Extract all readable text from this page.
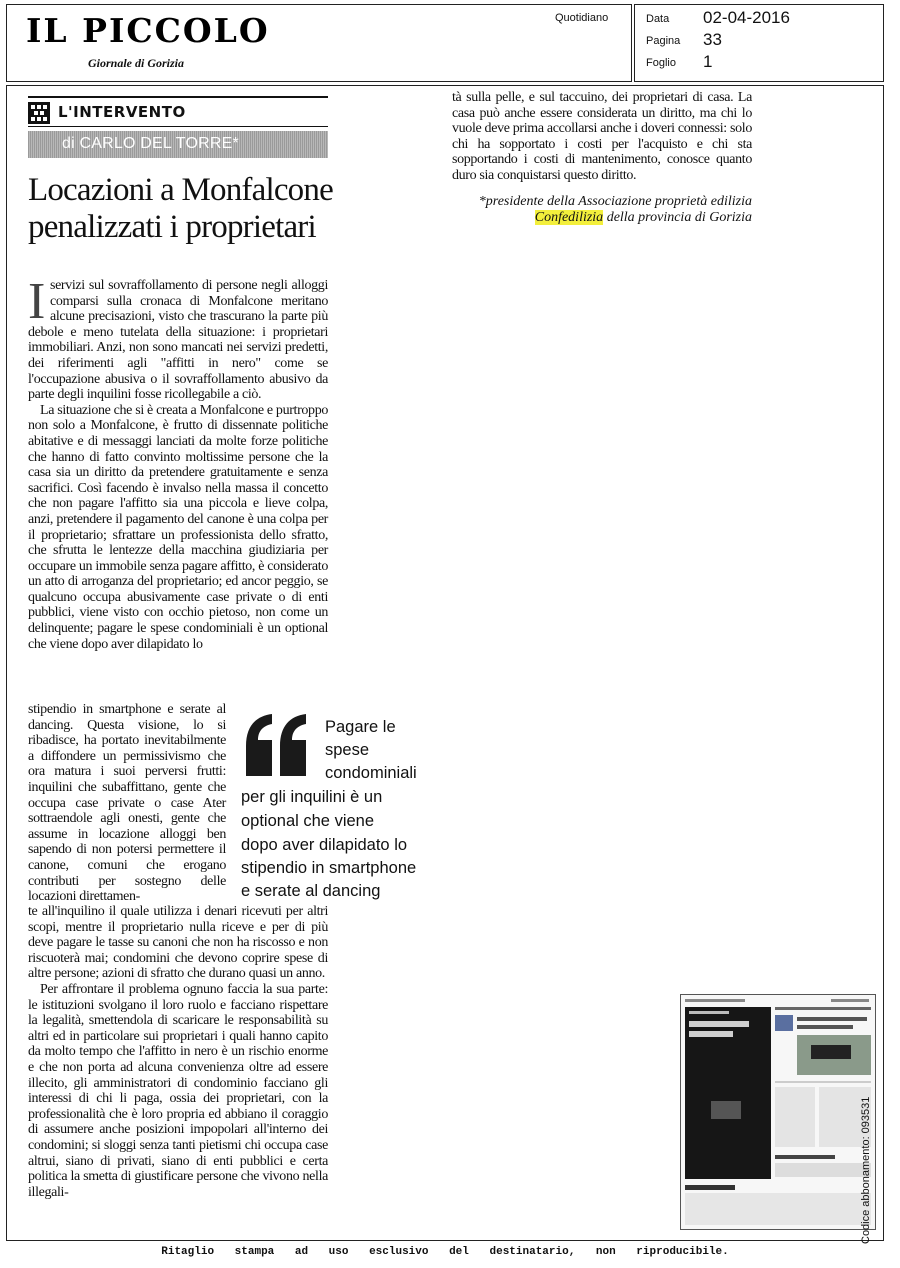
IL PICCOLO
Giornale di Gorizia
Quotidiano	Data 02-04-2016
Pagina 33
Foglio 1
L'INTERVENTO
di CARLO DEL TORRE*
Locazioni a Monfalcone
penalizzati i proprietari

Iservizi sul sovraffollamento di persone negli alloggi comparsi sulla cronaca di Monfalcone meritano alcune precisazioni, visto che trascurano la parte più debole e meno tutelata della situazione: i proprietari immobiliari. Anzi, non sono mancati nei servizi predetti, dei riferimenti agli "affitti in nero" come se l'occupazione abusiva o il sovraffollamento abusivo da parte degli inquilini fosse ricollegabile a ciò.

La situazione che si è creata a Monfalcone e purtroppo non solo a Monfalcone, è frutto di dissennate politiche abitative e di messaggi lanciati da molte forze politiche che hanno di fatto convinto moltissime persone che la casa sia un diritto da pretendere gratuitamente e senza sacrifici. Così facendo è invalso nella massa il concetto che non pagare l'affitto sia una piccola e lieve colpa, anzi, pretendere il pagamento del canone è una colpa per il proprietario; sfrattare un professionista dello sfratto, che sfrutta le lentezze della macchina giudiziaria per occupare un immobile senza pagare affitto, è considerato un atto di arroganza del proprietario; ed ancor peggio, se qualcuno occupa abusivamente case private o di enti pubblici, viene visto con occhio pietoso, non come un delinquente; pagare le spese condominiali è un optional che viene dopo aver dilapidato lo

stipendio in smartphone e serate al dancing. Questa visione, lo si ribadisce, ha portato inevitabilmente a diffondere un permissivismo che ora matura i suoi perversi frutti: inquilini che subaffittano, gente che occupa case private o case Ater sottraendole agli onesti, gente che assume in locazione alloggi ben sapendo di non potersi permettere il canone, comuni che erogano contributi per sostegno delle locazioni direttamen-

Pagare le
spese
condominiali
per gli inquilini è un
optional che viene
dopo aver dilapidato lo
stipendio in smartphone
e serate al dancing

te all'inquilino il quale utilizza i denari ricevuti per altri scopi, mentre il proprietario nulla riceve e per di più deve pagare le tasse su canoni che non ha riscosso e non riscuoterà mai; condomini che devono coprire spese di altre persone; azioni di sfratto che durano quasi un anno.

Per affrontare il problema ognuno faccia la sua parte: le istituzioni svolgano il loro ruolo e facciano rispettare la legalità, smettendola di scaricare le responsabilità su altri ed in particolare sui proprietari i quali hanno capito da molto tempo che l'affitto in nero è un rischio enorme e che non porta ad alcuna convenienza oltre ad essere illecito, gli amministratori di condominio facciano gli interessi di chi li paga, ossia dei proprietari, con la professionalità che è loro propria ed abbiano il coraggio di assumere anche posizioni impopolari all'interno dei condomini; si sloggi senza tanti pietismi chi occupa case altrui, siano di privati, siano di enti pubblici e certa politica la smetta di giustificare persone che vivono nella illegali-

tà sulla pelle, e sul taccuino, dei proprietari di casa. La casa può anche essere considerata un diritto, ma chi lo vuole deve prima accollarsi anche i doveri connessi: solo chi ha sopportato i costi per l'acquisto e chi sta sopportando i costi di mantenimento, conosce quanto duro sia conquistarsi questo diritto.

*presidente della Associazione proprietà edilizia Confedilizia della provincia di Gorizia
Codice abbonamento: 093531
Ritaglio stampa ad uso esclusivo del destinatario, non riproducibile.
